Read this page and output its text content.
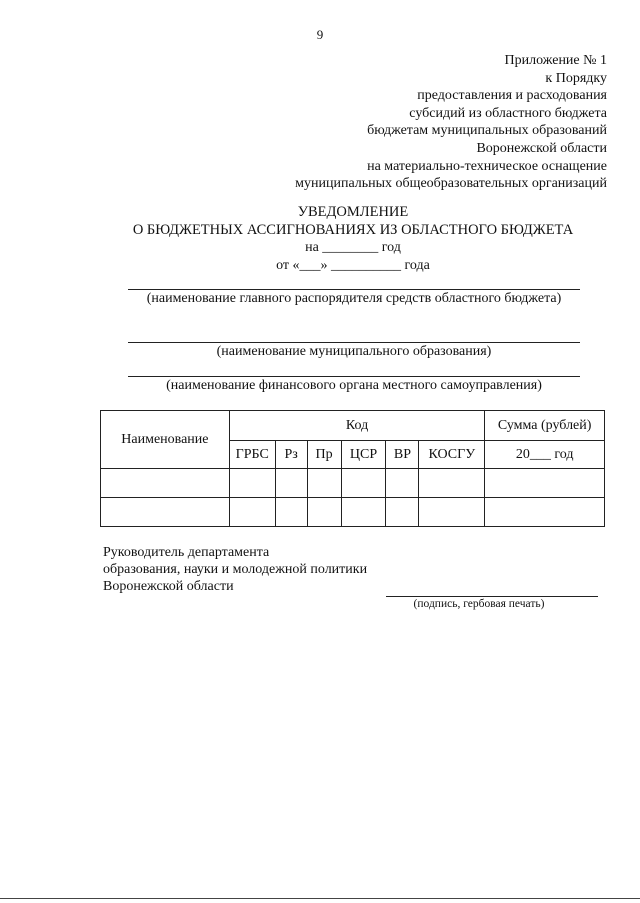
9
Приложение № 1
к Порядку
предоставления и расходования
субсидий из областного бюджета
бюджетам муниципальных образований
Воронежской области
на материально-техническое оснащение
муниципальных общеобразовательных организаций
УВЕДОМЛЕНИЕ
О БЮДЖЕТНЫХ АССИГНОВАНИЯХ ИЗ ОБЛАСТНОГО БЮДЖЕТА
на ________ год
от «___» __________ года
(наименование главного распорядителя средств областного бюджета)
(наименование муниципального образования)
(наименование финансового органа местного самоуправления)
Наименование	Код						Сумма (рублей)
	ГРБС	Рз	Пр	ЦСР	ВР	КОСГУ	20___ год

Руководитель департамента
образования, науки и молодежной политики
Воронежской области
(подпись, гербовая печать)
